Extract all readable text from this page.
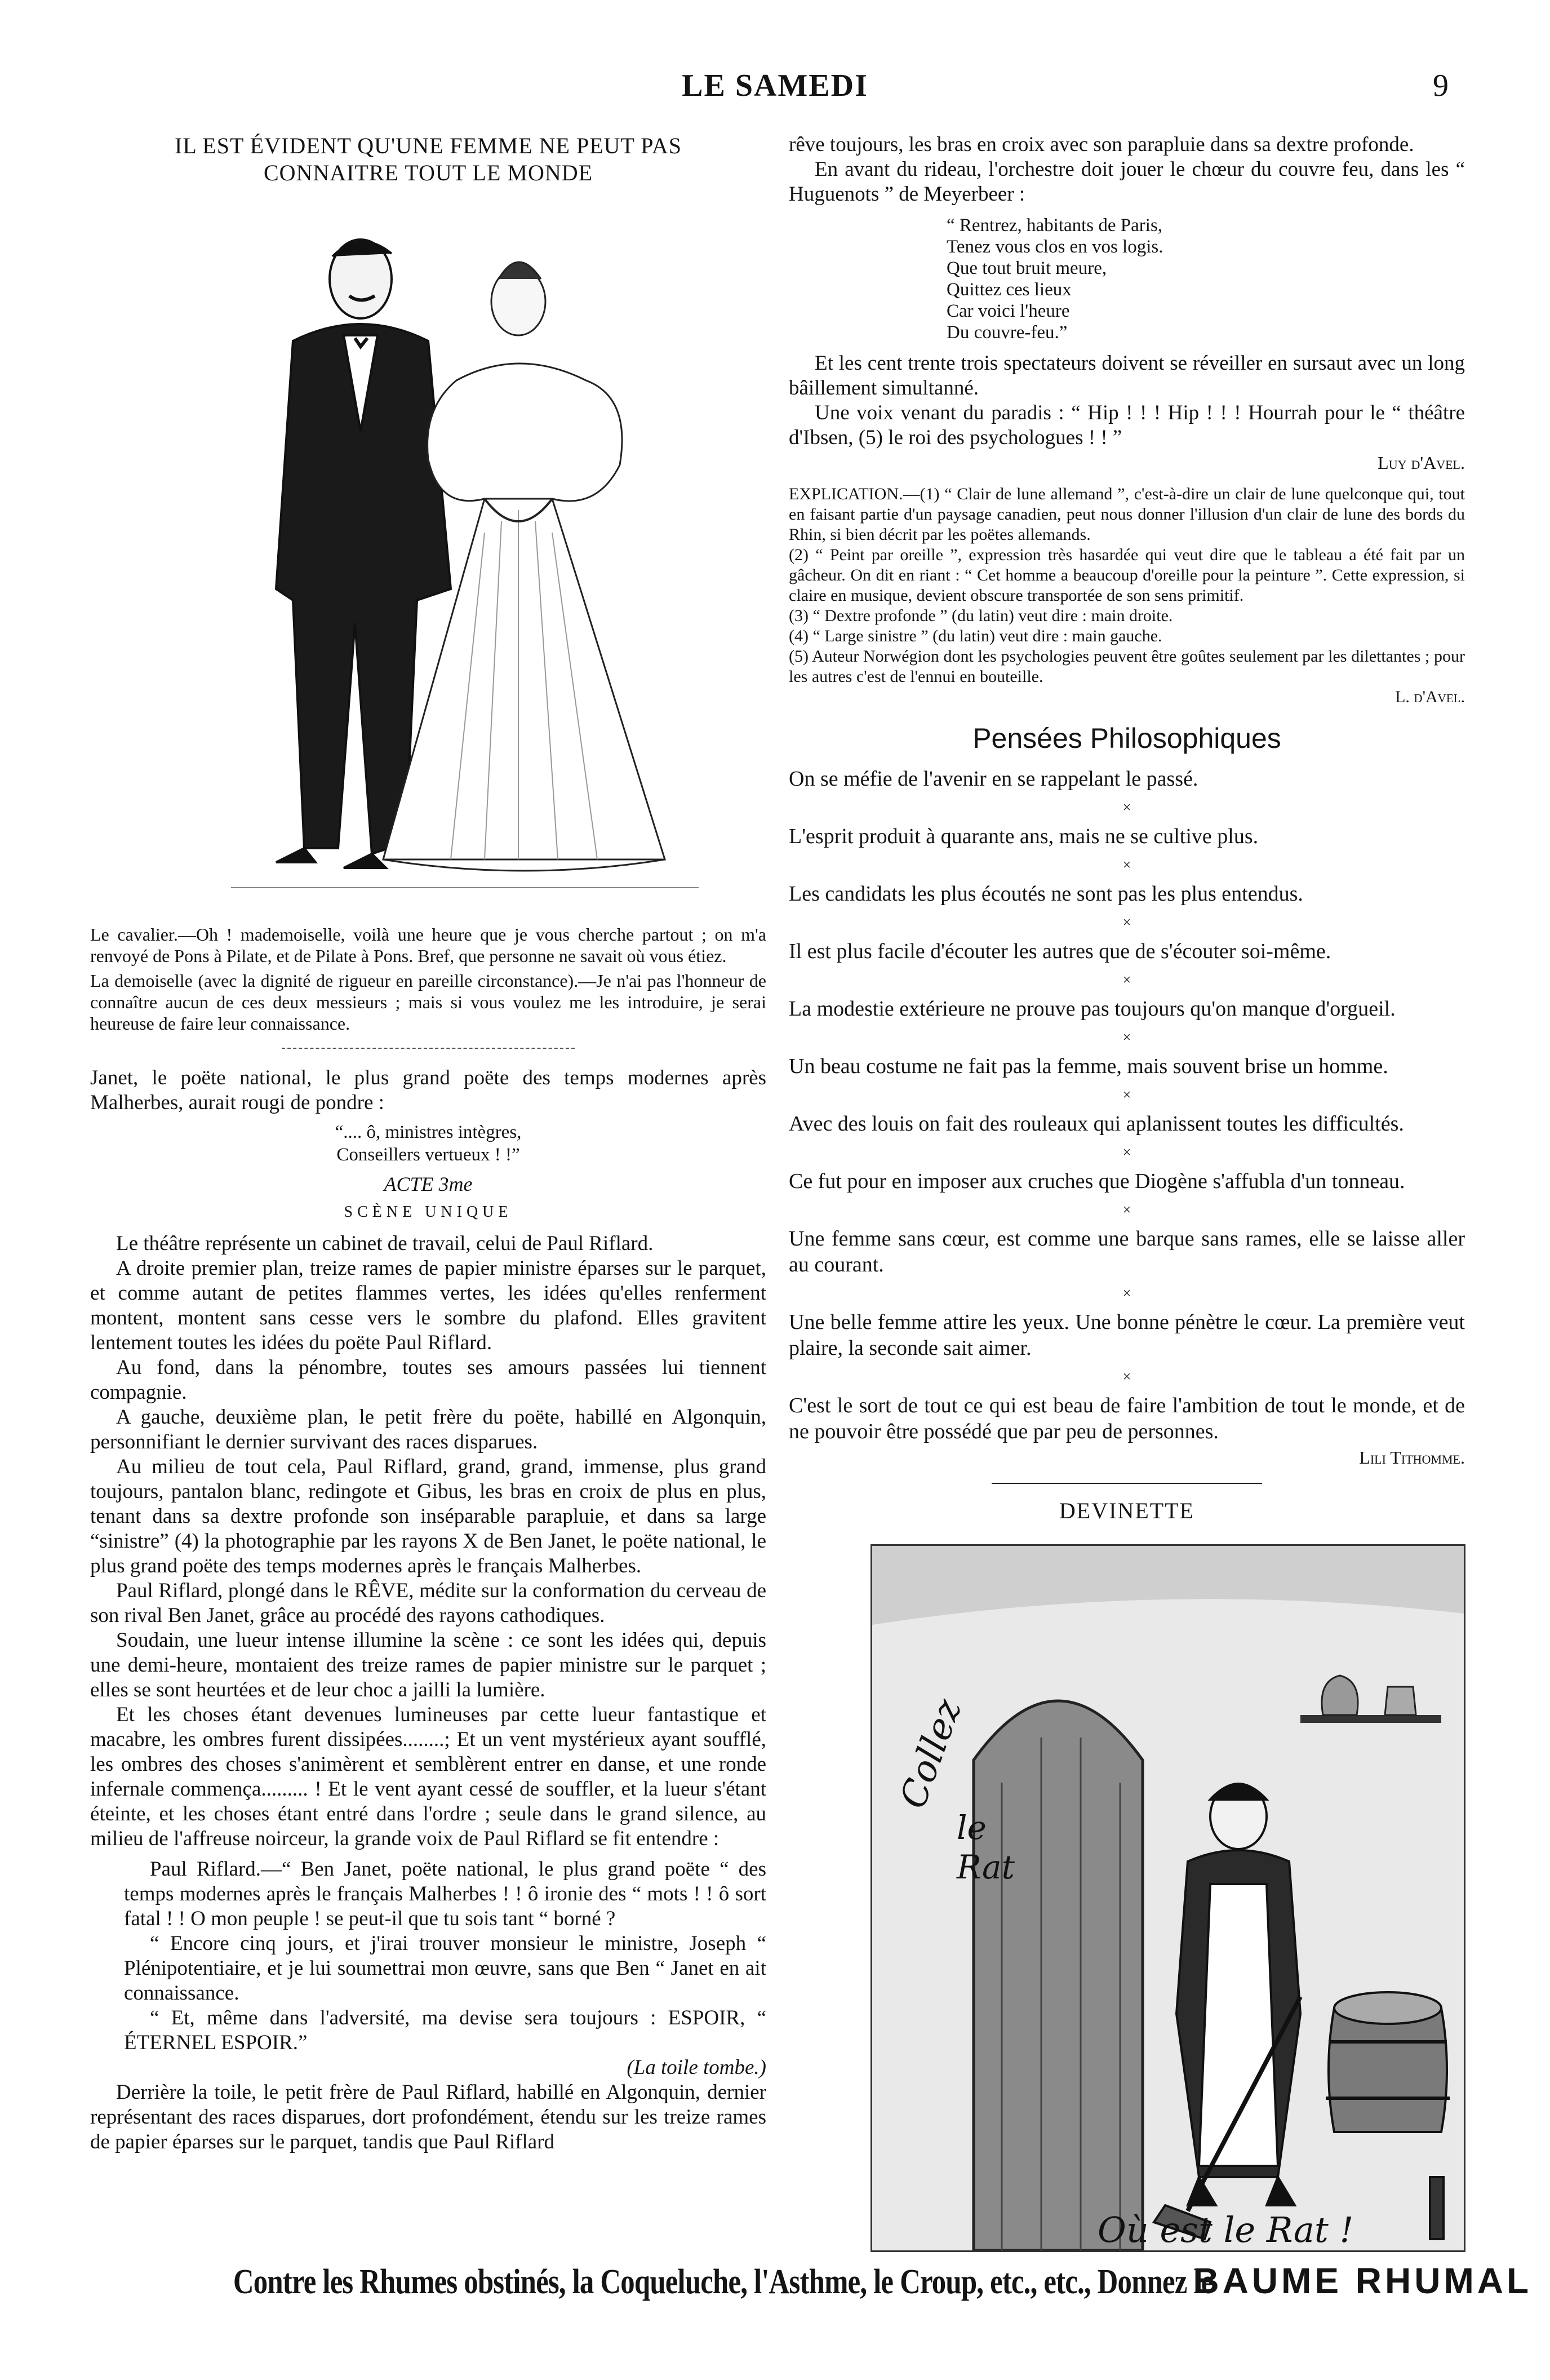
LE SAMEDI	9
IL EST ÉVIDENT QU'UNE FEMME NE PEUT PAS CONNAITRE TOUT LE MONDE

Le cavalier.—Oh ! mademoiselle, voilà une heure que je vous cherche partout ; on m'a renvoyé de Pons à Pilate, et de Pilate à Pons. Bref, que personne ne savait où vous étiez.

La demoiselle (avec la dignité de rigueur en pareille circonstance).—Je n'ai pas l'honneur de connaître aucun de ces deux messieurs ; mais si vous voulez me les introduire, je serai heureuse de faire leur connaissance.

Janet, le poëte national, le plus grand poëte des temps modernes après Malherbes, aurait rougi de pondre :

“.... ô, ministres intègres,
Conseillers vertueux ! !”
ACTE 3me
SCÈNE UNIQUE

Le théâtre représente un cabinet de travail, celui de Paul Riflard.

A droite premier plan, treize rames de papier ministre éparses sur le parquet, et comme autant de petites flammes vertes, les idées qu'elles renferment montent, montent sans cesse vers le sombre du plafond. Elles gravitent lentement toutes les idées du poëte Paul Riflard.

Au fond, dans la pénombre, toutes ses amours passées lui tiennent compagnie.

A gauche, deuxième plan, le petit frère du poëte, habillé en Algonquin, personnifiant le dernier survivant des races disparues.

Au milieu de tout cela, Paul Riflard, grand, grand, immense, plus grand toujours, pantalon blanc, redingote et Gibus, les bras en croix de plus en plus, tenant dans sa dextre profonde son inséparable parapluie, et dans sa large “sinistre” (4) la photographie par les rayons X de Ben Janet, le poëte national, le plus grand poëte des temps modernes après le français Malherbes.

Paul Riflard, plongé dans le RÊVE, médite sur la conformation du cerveau de son rival Ben Janet, grâce au procédé des rayons cathodiques.

Soudain, une lueur intense illumine la scène : ce sont les idées qui, depuis une demi-heure, montaient des treize rames de papier ministre sur le parquet ; elles se sont heurtées et de leur choc a jailli la lumière.

Et les choses étant devenues lumineuses par cette lueur fantastique et macabre, les ombres furent dissipées........; Et un vent mystérieux ayant soufflé, les ombres des choses s'animèrent et semblèrent entrer en danse, et une ronde infernale commença......... ! Et le vent ayant cessé de souffler, et la lueur s'étant éteinte, et les choses étant entré dans l'ordre ; seule dans le grand silence, au milieu de l'affreuse noirceur, la grande voix de Paul Riflard se fit entendre :

Paul Riflard.—“ Ben Janet, poëte national, le plus grand poëte “ des temps modernes après le français Malherbes ! ! ô ironie des “ mots ! ! ô sort fatal ! ! O mon peuple ! se peut-il que tu sois tant “ borné ?

“ Encore cinq jours, et j'irai trouver monsieur le ministre, Joseph “ Plénipotentiaire, et je lui soumettrai mon œuvre, sans que Ben “ Janet en ait connaissance.

“ Et, même dans l'adversité, ma devise sera toujours : ESPOIR, “ ÉTERNEL ESPOIR.”

(La toile tombe.)

Derrière la toile, le petit frère de Paul Riflard, habillé en Algonquin, dernier représentant des races disparues, dort profondément, étendu sur les treize rames de papier éparses sur le parquet, tandis que Paul Riflard

rêve toujours, les bras en croix avec son parapluie dans sa dextre profonde.

En avant du rideau, l'orchestre doit jouer le chœur du couvre feu, dans les “ Huguenots ” de Meyerbeer :

“ Rentrez, habitants de Paris,
Tenez vous clos en vos logis.
Que tout bruit meure,
Quittez ces lieux
Car voici l'heure
Du couvre-feu.”

Et les cent trente trois spectateurs doivent se réveiller en sursaut avec un long bâillement simultanné.

Une voix venant du paradis : “ Hip ! ! ! Hip ! ! ! Hourrah pour le “ théâtre d'Ibsen, (5) le roi des psychologues ! ! ”

Luy d'Avel.

EXPLICATION.—(1) “ Clair de lune allemand ”, c'est-à-dire un clair de lune quelconque qui, tout en faisant partie d'un paysage canadien, peut nous donner l'illusion d'un clair de lune des bords du Rhin, si bien décrit par les poëtes allemands.

(2) “ Peint par oreille ”, expression très hasardée qui veut dire que le tableau a été fait par un gâcheur. On dit en riant : “ Cet homme a beaucoup d'oreille pour la peinture ”. Cette expression, si claire en musique, devient obscure transportée de son sens primitif.

(3) “ Dextre profonde ” (du latin) veut dire : main droite.

(4) “ Large sinistre ” (du latin) veut dire : main gauche.

(5) Auteur Norwégion dont les psychologies peuvent être goûtes seulement par les dilettantes ; pour les autres c'est de l'ennui en bouteille.

L. d'Avel.
Pensées Philosophiques

On se méfie de l'avenir en se rappelant le passé.

×

L'esprit produit à quarante ans, mais ne se cultive plus.

×

Les candidats les plus écoutés ne sont pas les plus entendus.

×

Il est plus facile d'écouter les autres que de s'écouter soi-même.

×

La modestie extérieure ne prouve pas toujours qu'on manque d'orgueil.

×

Un beau costume ne fait pas la femme, mais souvent brise un homme.

×

Avec des louis on fait des rouleaux qui aplanissent toutes les difficultés.

×

Ce fut pour en imposer aux cruches que Diogène s'affubla d'un tonneau.

×

Une femme sans cœur, est comme une barque sans rames, elle se laisse aller au courant.

×

Une belle femme attire les yeux. Une bonne pénètre le cœur. La première veut plaire, la seconde sait aimer.

×

C'est le sort de tout ce qui est beau de faire l'ambition de tout le monde, et de ne pouvoir être possédé que par peu de personnes.

Lili Tithomme.
DEVINETTE
Collez
le
Rat
Où est le Rat !
Contre les Rhumes obstinés, la Coqueluche, l'Asthme, le Croup, etc., etc., Donnez le BAUME RHUMAL
